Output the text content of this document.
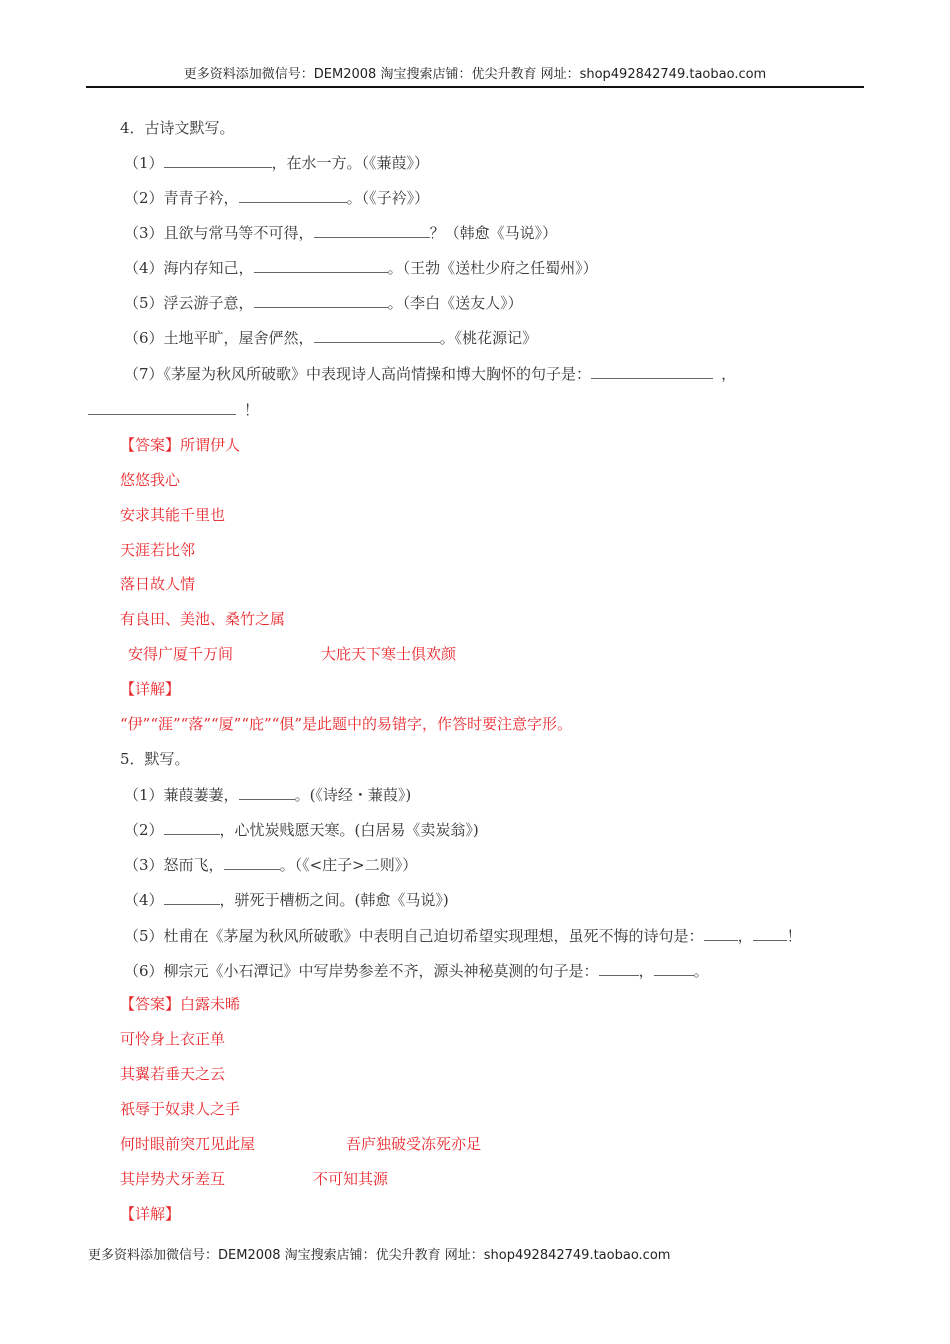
更多资料添加微信号：DEM2008 淘宝搜索店铺：优尖升教育 网址：shop492842749.taobao.com
4．古诗文默写。
（1）	，在水一方。（《蒹葭》）
（2）青青子衿，	。（《子衿》）
（3）且欲与常马等不可得，	？（韩愈《马说》）
（4）海内存知己，	。（王勃《送杜少府之任蜀州》）
（5）浮云游子意，	。（李白《送友人》）
（6）土地平旷，屋舍俨然，	。《桃花源记》
（7）《茅屋为秋风所破歌》中表现诗人高尚情操和博大胸怀的句子是：	，
！
【答案】所谓伊人
悠悠我心
安求其能千里也
天涯若比邻
落日故人情
有良田、美池、桑竹之属
安得广厦千万间	大庇天下寒士俱欢颜
【详解】
“伊”“涯”“落”“厦”“庇”“俱”是此题中的易错字，作答时要注意字形。
5．默写。
（1）蒹葭萋萋，	。(《诗经・蒹葭》)
（2）	，心忧炭贱愿天寒。(白居易《卖炭翁》)
（3）怒而飞，	。（《<庄子>二则》）
（4）	，骈死于槽枥之间。(韩愈《马说》)
（5）杜甫在《茅屋为秋风所破歌》中表明自己迫切希望实现理想，虽死不悔的诗句是： ， ！
（6）柳宗元《小石潭记》中写岸势参差不齐，源头神秘莫测的句子是：	，	。
【答案】白露未晞
可怜身上衣正单
其翼若垂天之云
祇辱于奴隶人之手
何时眼前突兀见此屋	吾庐独破受冻死亦足
其岸势犬牙差互	不可知其源
【详解】
更多资料添加微信号：DEM2008 淘宝搜索店铺：优尖升教育 网址：shop492842749.taobao.com
